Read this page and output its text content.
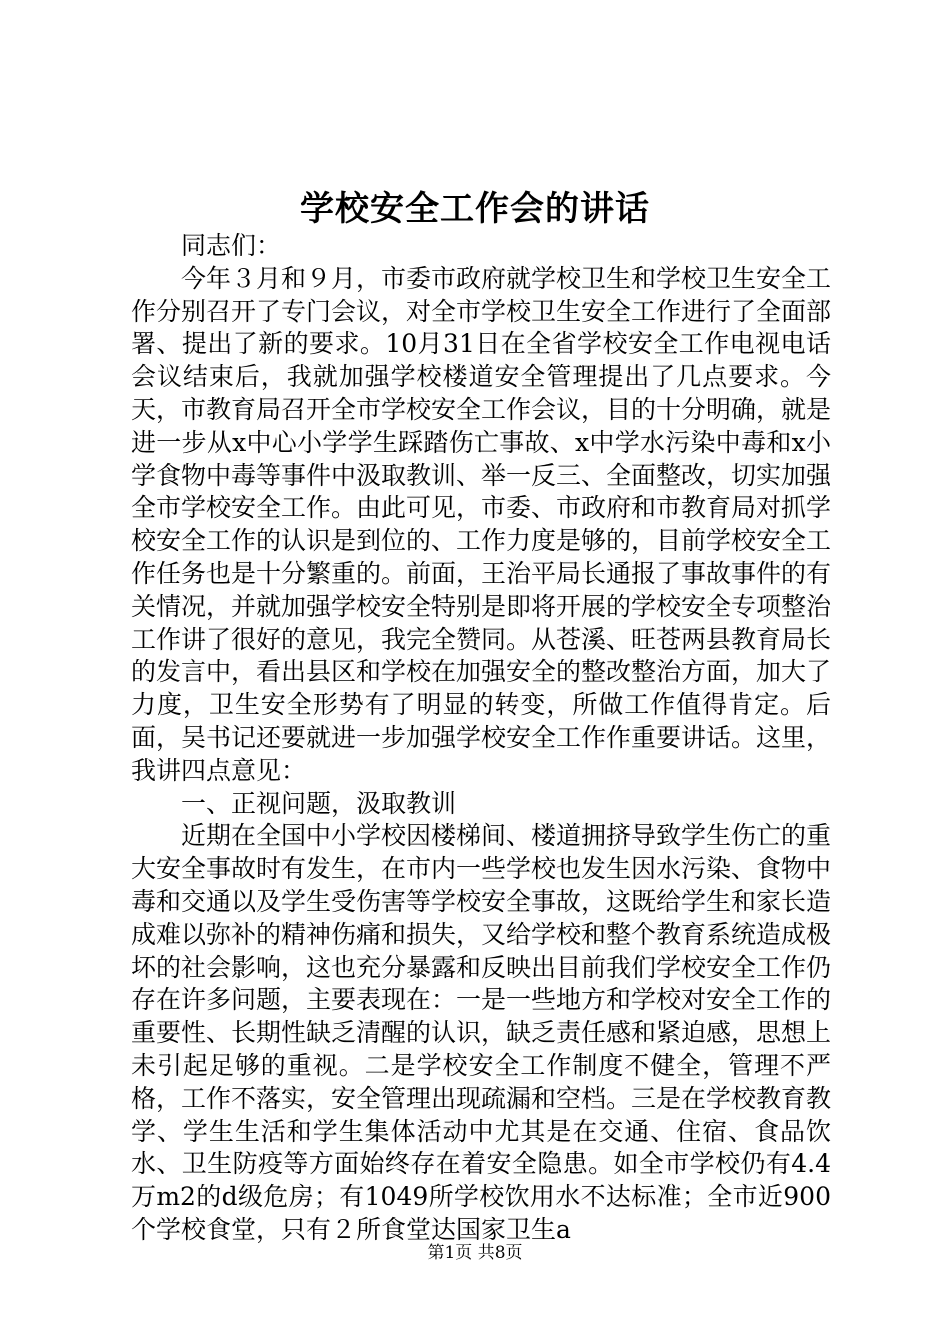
学校安全工作会的讲话

同志们：

今年３月和９月，市委市政府就学校卫生和学校卫生安全工作分别召开了专门会议，对全市学校卫生安全工作进行了全面部署、提出了新的要求。10月31日在全省学校安全工作电视电话会议结束后，我就加强学校楼道安全管理提出了几点要求。今天，市教育局召开全市学校安全工作会议，目的十分明确，就是进一步从x中心小学学生踩踏伤亡事故、x中学水污染中毒和x小学食物中毒等事件中汲取教训、举一反三、全面整改，切实加强全市学校安全工作。由此可见，市委、市政府和市教育局对抓学校安全工作的认识是到位的、工作力度是够的，目前学校安全工作任务也是十分繁重的。前面，王治平局长通报了事故事件的有关情况，并就加强学校安全特别是即将开展的学校安全专项整治工作讲了很好的意见，我完全赞同。从苍溪、旺苍两县教育局长的发言中，看出县区和学校在加强安全的整改整治方面，加大了力度，卫生安全形势有了明显的转变，所做工作值得肯定。后面，吴书记还要就进一步加强学校安全工作作重要讲话。这里，我讲四点意见：

一、正视问题，汲取教训

近期在全国中小学校因楼梯间、楼道拥挤导致学生伤亡的重大安全事故时有发生，在市内一些学校也发生因水污染、食物中毒和交通以及学生受伤害等学校安全事故，这既给学生和家长造成难以弥补的精神伤痛和损失，又给学校和整个教育系统造成极坏的社会影响，这也充分暴露和反映出目前我们学校安全工作仍存在许多问题，主要表现在：一是一些地方和学校对安全工作的重要性、长期性缺乏清醒的认识，缺乏责任感和紧迫感，思想上未引起足够的重视。二是学校安全工作制度不健全，管理不严格，工作不落实，安全管理出现疏漏和空档。三是在学校教育教学、学生生活和学生集体活动中尤其是在交通、住宿、食品饮水、卫生防疫等方面始终存在着安全隐患。如全市学校仍有4.4万m2的d级危房；有1049所学校饮用水不达标准；全市近900个学校食堂，只有２所食堂达国家卫生a

第1页 共8页
